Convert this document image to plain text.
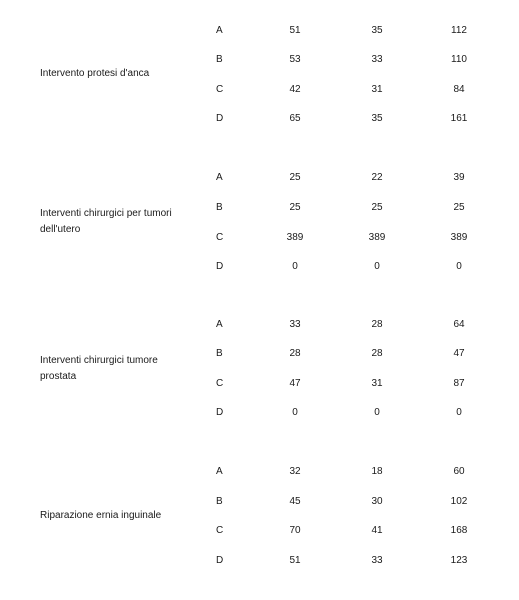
Intervento protesi d'anca
A	51	35	112
B	53	33	110
C	42	31	84
D	65	35	161
Interventi chirurgici per tumori dell'utero
A	25	22	39
B	25	25	25
C	389	389	389
D	0	0	0
Interventi chirurgici tumore prostata
A	33	28	64
B	28	28	47
C	47	31	87
D	0	0	0
Riparazione ernia inguinale
A	32	18	60
B	45	30	102
C	70	41	168
D	51	33	123
